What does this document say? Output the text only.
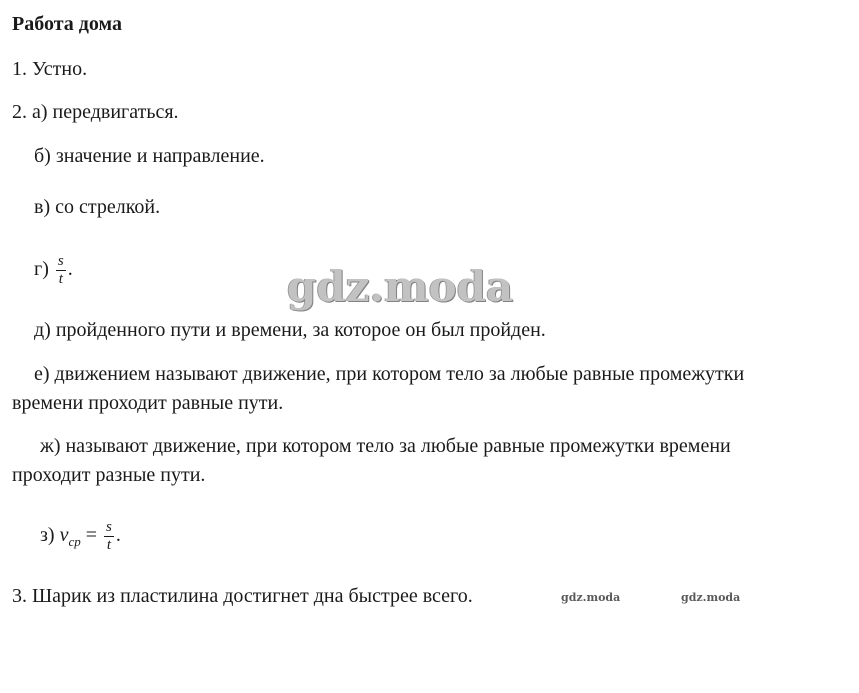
Работа дома
1. Устно.
2. а) передвигаться.
б) значение и направление.
в) со стрелкой.
$г) \frac{s}{t}$ .	gdz.moda
д) пройденного пути и времени, за которое он был пройден.
е) движением называют движение, при котором тело за любые равные промежутки
времени проходит равные пути.
ж) называют движение, при котором тело за любые равные промежутки времени
проходит разные пути.
з) $v_{ср} = \frac{s}{t}$ .
3. Шарик из пластилина достигнет дна быстрее всего.	gdz.moda	gdz.moda
